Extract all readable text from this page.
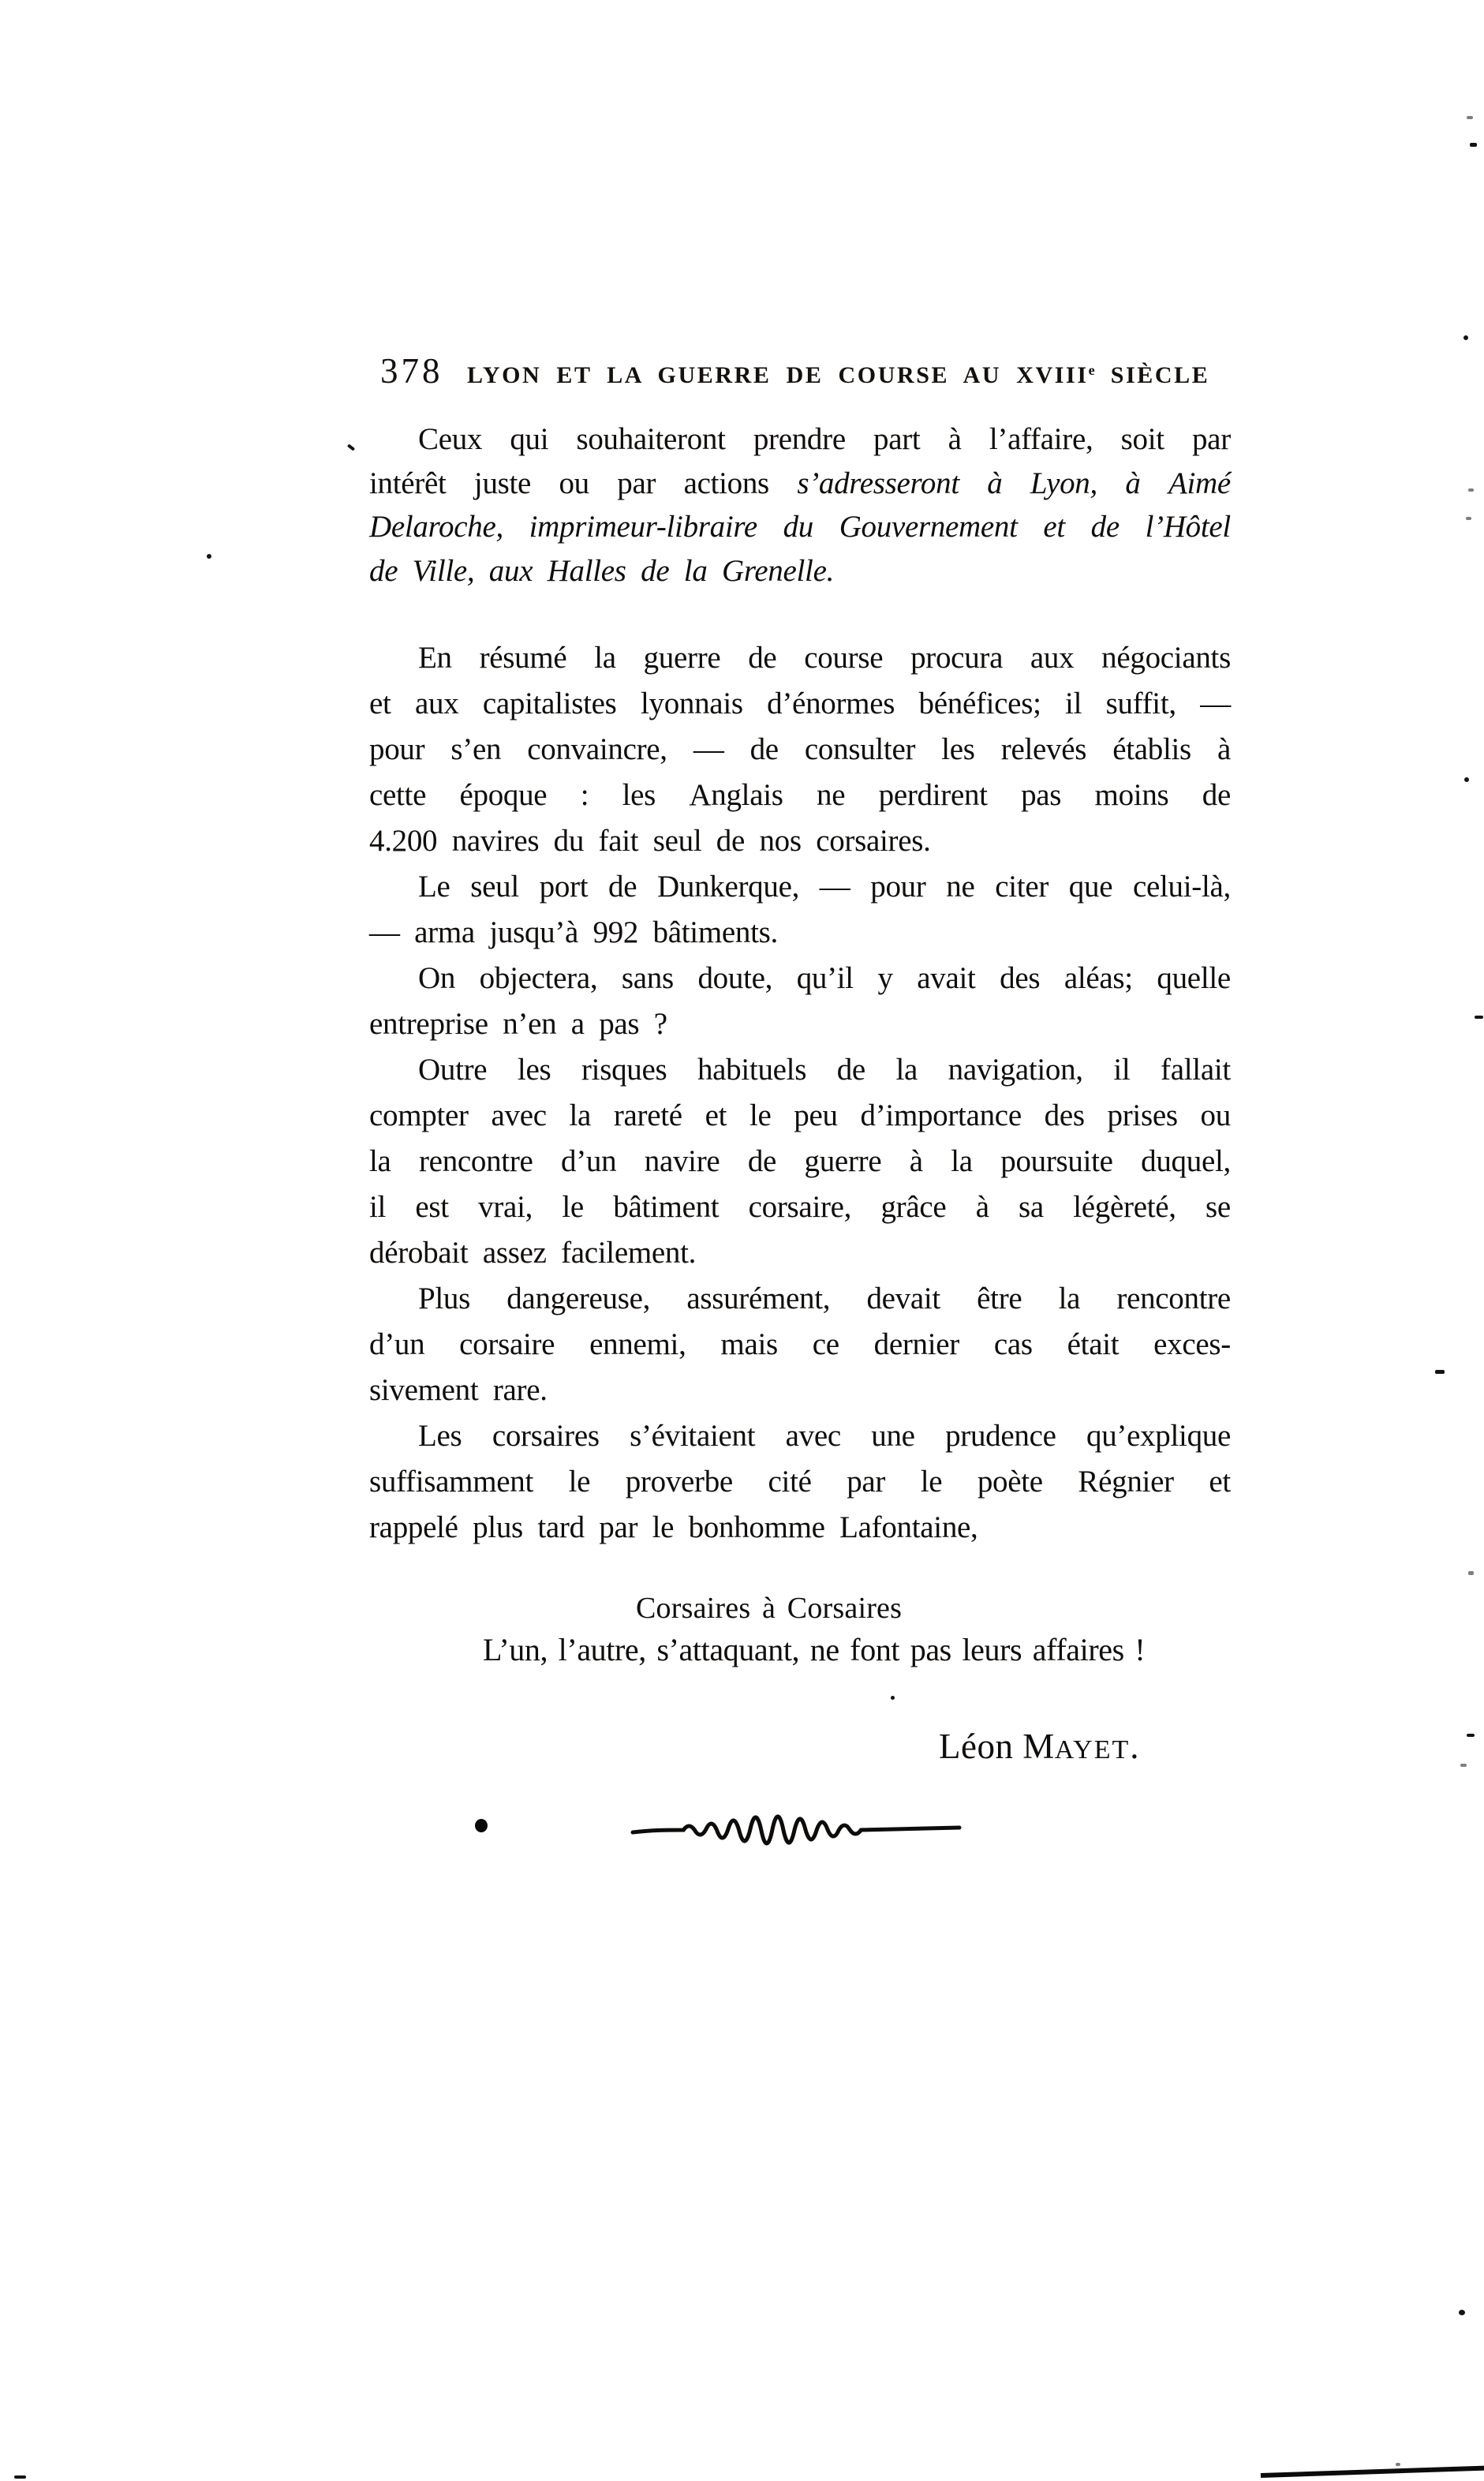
378 LYON ET LA GUERRE DE COURSE AU XVIIIe SIÈCLE
Ceux qui souhaiteront prendre part à l’affaire, soit par
intérêt juste ou par actions s’adresseront à Lyon, à Aimé
Delaroche, imprimeur-libraire du Gouvernement et de l’Hôtel
de Ville, aux Halles de la Grenelle.
En résumé la guerre de course procura aux négociants
et aux capitalistes lyonnais d’énormes bénéfices; il suffit, —
pour s’en convaincre, — de consulter les relevés établis à
cette époque : les Anglais ne perdirent pas moins de
4.200 navires du fait seul de nos corsaires.
Le seul port de Dunkerque, — pour ne citer que celui-là,
— arma jusqu’à 992 bâtiments.
On objectera, sans doute, qu’il y avait des aléas; quelle
entreprise n’en a pas ?
Outre les risques habituels de la navigation, il fallait
compter avec la rareté et le peu d’importance des prises ou
la rencontre d’un navire de guerre à la poursuite duquel,
il est vrai, le bâtiment corsaire, grâce à sa légèreté, se
dérobait assez facilement.
Plus dangereuse, assurément, devait être la rencontre
d’un corsaire ennemi, mais ce dernier cas était exces-
sivement rare.
Les corsaires s’évitaient avec une prudence qu’explique
suffisamment le proverbe cité par le poète Régnier et
rappelé plus tard par le bonhomme Lafontaine,
Corsaires à Corsaires
L’un, l’autre, s’attaquant, ne font pas leurs affaires !
Léon MAYET.
